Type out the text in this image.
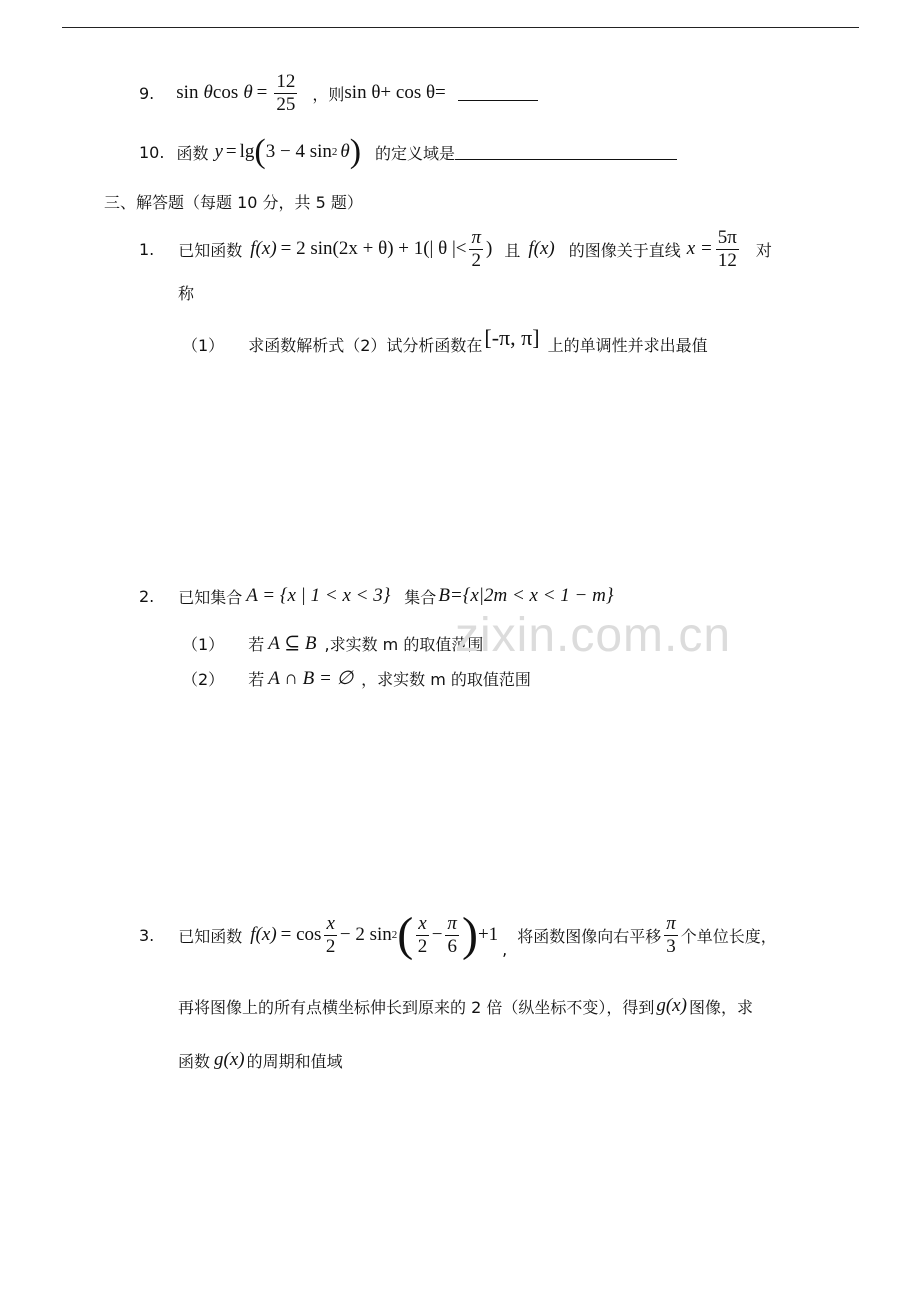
9. sin
θ cos
$\theta = \frac{12}{25}$ ，则 sin θ+ cos θ=
10. 函数 y = lg ( 3 − 4 sin 2 θ ) 的定义域是
三、解答题（每题 10 分，共 5 题）
1. 已知函数 f(x) = 2 sin(2x + θ) + 1(| θ |< $\frac{\pi}{2}$ ) 且 f(x) 的图像关于直线 $x = \frac{5\pi}{12}$ 对
称
（1） 求函数解析式（2）试分析函数在 [-π, π] 上的单调性并求出最值
2. 已知集合 A = {x | 1 < x < 3} 集合 B={x|2m < x < 1 − m}
（1） 若 A ⊆ B ,求实数 m 的取值范围
（2） 若 A ∩ B = ∅ ，求实数 m 的取值范围
3. 已知函数 $f(x) = \cos \frac{x}{2} - 2$ sin 2 ( $\frac{x}{2} - \frac{\pi}{6}$ ) +1
,
将函数图像向右平移 $\frac{\pi}{3}$ 个单位长度，
再将图像上的所有点横坐标伸长到原来的 2 倍（纵坐标不变），得到 g(x) 图像，求
函数 g(x) 的周期和值域
zixin.com.cn
